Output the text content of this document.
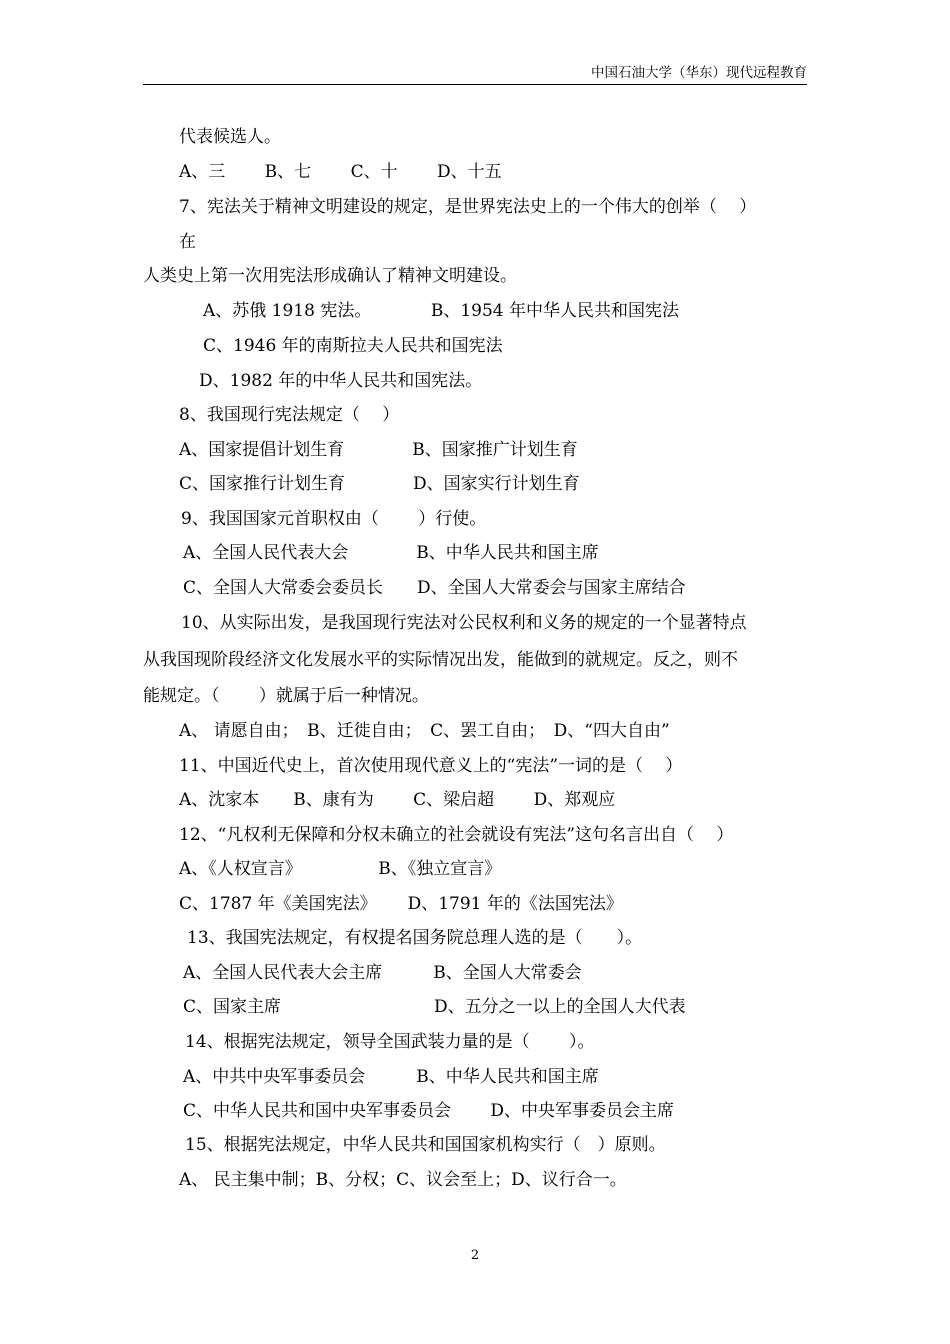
中国石油大学（华东）现代远程教育
代表候选人。
A、三　　 B、七　　 C、十　　 D、十五
7、宪法关于精神文明建设的规定，是世界宪法史上的一个伟大的创举（　 ）
在
人类史上第一次用宪法形成确认了精神文明建设。
A、苏俄 1918 宪法。　　　　B、1954 年中华人民共和国宪法
C、1946 年的南斯拉夫人民共和国宪法
D、1982 年的中华人民共和国宪法。
8、我国现行宪法规定（　 ）
A、国家提倡计划生育　　　　B、国家推广计划生育
C、国家推行计划生育　　　　D、国家实行计划生育
9、我国国家元首职权由（　　 ）行使。
A、全国人民代表大会　　　　B、中华人民共和国主席
C、全国人大常委会委员长　　D、全国人大常委会与国家主席结合
10、从实际出发，是我国现行宪法对公民权利和义务的规定的一个显著特点
从我国现阶段经济文化发展水平的实际情况出发，能做到的就规定。反之，则不
能规定。（　　 ）就属于后一种情况。
A、 请愿自由；　B、迁徙自由；　C、罢工自由；　D、“四大自由”
11、中国近代史上，首次使用现代意义上的“宪法”一词的是（　 ）
A、沈家本　　B、康有为　　 C、梁启超　　 D、郑观应
12、“凡权利无保障和分权未确立的社会就设有宪法”这句名言出自（　 ）
A、《人权宣言》　　　　　B、《独立宣言》
C、1787 年《美国宪法》　　 D、1791 年的《法国宪法》
13、我国宪法规定，有权提名国务院总理人选的是（　　）。
A、全国人民代表大会主席　　　B、全国人大常委会
C、国家主席　　　　　　　　　D、五分之一以上的全国人大代表
14、根据宪法规定，领导全国武装力量的是（　　 ）。
A、中共中央军事委员会　　　B、中华人民共和国主席
C、中华人民共和国中央军事委员会　　 D、中央军事委员会主席
15、根据宪法规定，中华人民共和国国家机构实行（　）原则。
A、 民主集中制；B、分权；C、议会至上；D、议行合一。
2
